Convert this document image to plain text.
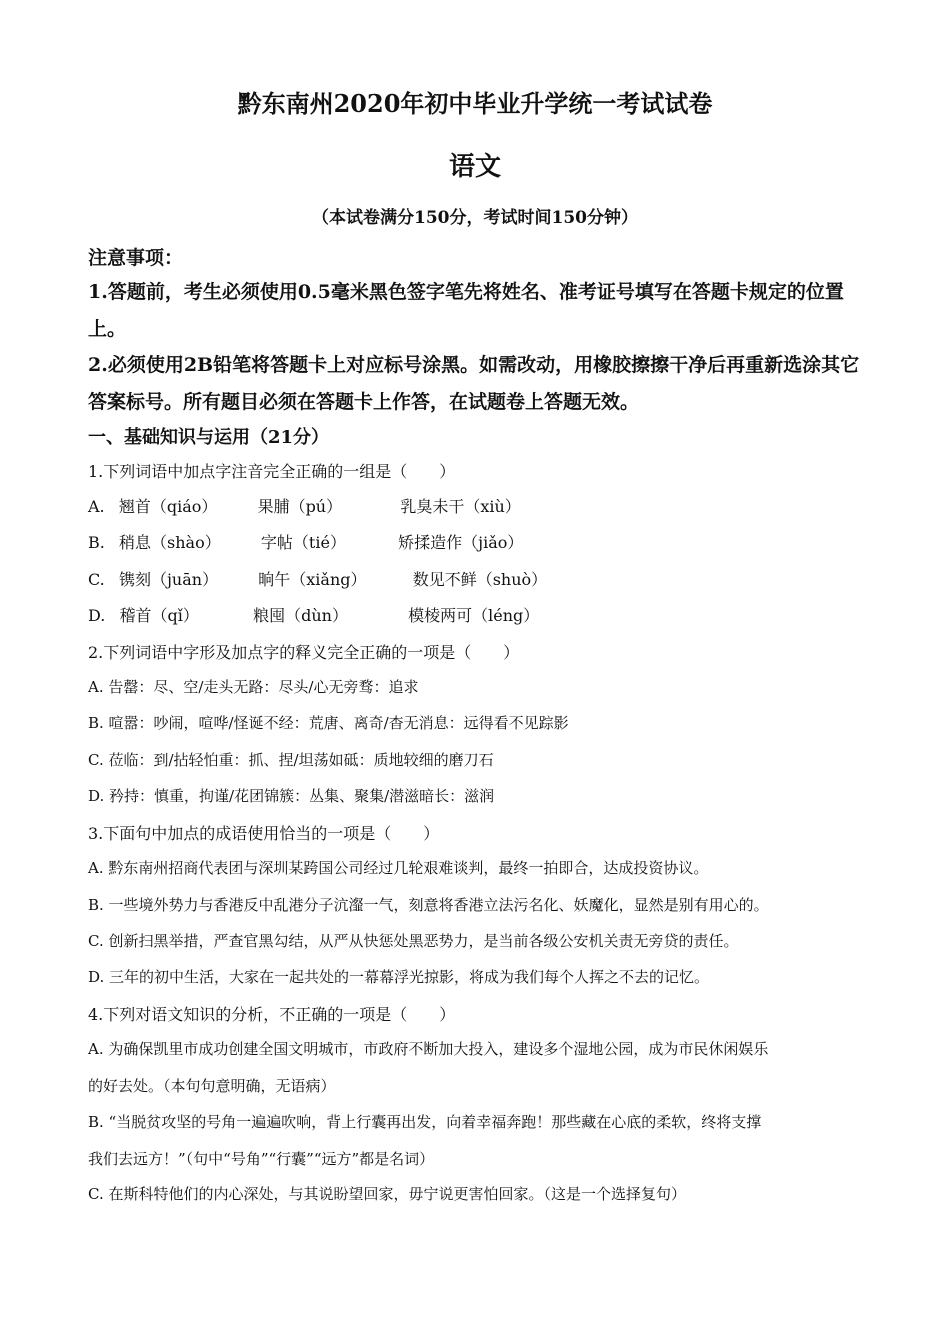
黔东南州2020年初中毕业升学统一考试试卷
语文
（本试卷满分150分，考试时间150分钟）
注意事项：
1.答题前，考生必须使用0.5毫米黑色签字笔先将姓名、准考证号填写在答题卡规定的位置
上。
2.必须使用2B铅笔将答题卡上对应标号涂黑。如需改动，用橡胶擦擦干净后再重新选涂其它
答案标号。所有题目必须在答题卡上作答，在试题卷上答题无效。
一、基础知识与运用（21分）
1.下列词语中加点字注音完全正确的一组是（　　）
A. 翘首（qiáo）	果脯（pú）	乳臭未干（xiù）
B. 稍息（shào）	字帖（tié）	矫揉造作（jiǎo）
C. 镌刻（juān）	晌午（xiǎng）	数见不鲜（shuò）
D. 稽首（qǐ）	粮囤（dùn）	模棱两可（léng）
2.下列词语中字形及加点字的释义完全正确的一项是（　　）
A. 告罄：尽、空/走头无路：尽头/心无旁骛：追求
B. 喧嚣：吵闹，喧哗/怪诞不经：荒唐、离奇/杳无消息：远得看不见踪影
C. 莅临：到/拈轻怕重：抓、捏/坦荡如砥：质地较细的磨刀石
D. 矜持：慎重，拘谨/花团锦簇：丛集、聚集/潜滋暗长：滋润
3.下面句中加点的成语使用恰当的一项是（　　）
A. 黔东南州招商代表团与深圳某跨国公司经过几轮艰难谈判，最终一拍即合，达成投资协议。
B. 一些境外势力与香港反中乱港分子沆瀣一气，刻意将香港立法污名化、妖魔化，显然是别有用心的。
C. 创新扫黑举措，严查官黑勾结，从严从快惩处黑恶势力，是当前各级公安机关责无旁贷的责任。
D. 三年的初中生活，大家在一起共处的一幕幕浮光掠影，将成为我们每个人挥之不去的记忆。
4.下列对语文知识的分析，不正确的一项是（　　）
A. 为确保凯里市成功创建全国文明城市，市政府不断加大投入，建设多个湿地公园，成为市民休闲娱乐
的好去处。（本句句意明确，无语病）
B. “当脱贫攻坚的号角一遍遍吹响，背上行囊再出发，向着幸福奔跑！那些藏在心底的柔软，终将支撑
我们去远方！”（句中“号角”“行囊”“远方”都是名词）
C. 在斯科特他们的内心深处，与其说盼望回家，毋宁说更害怕回家。（这是一个选择复句）
